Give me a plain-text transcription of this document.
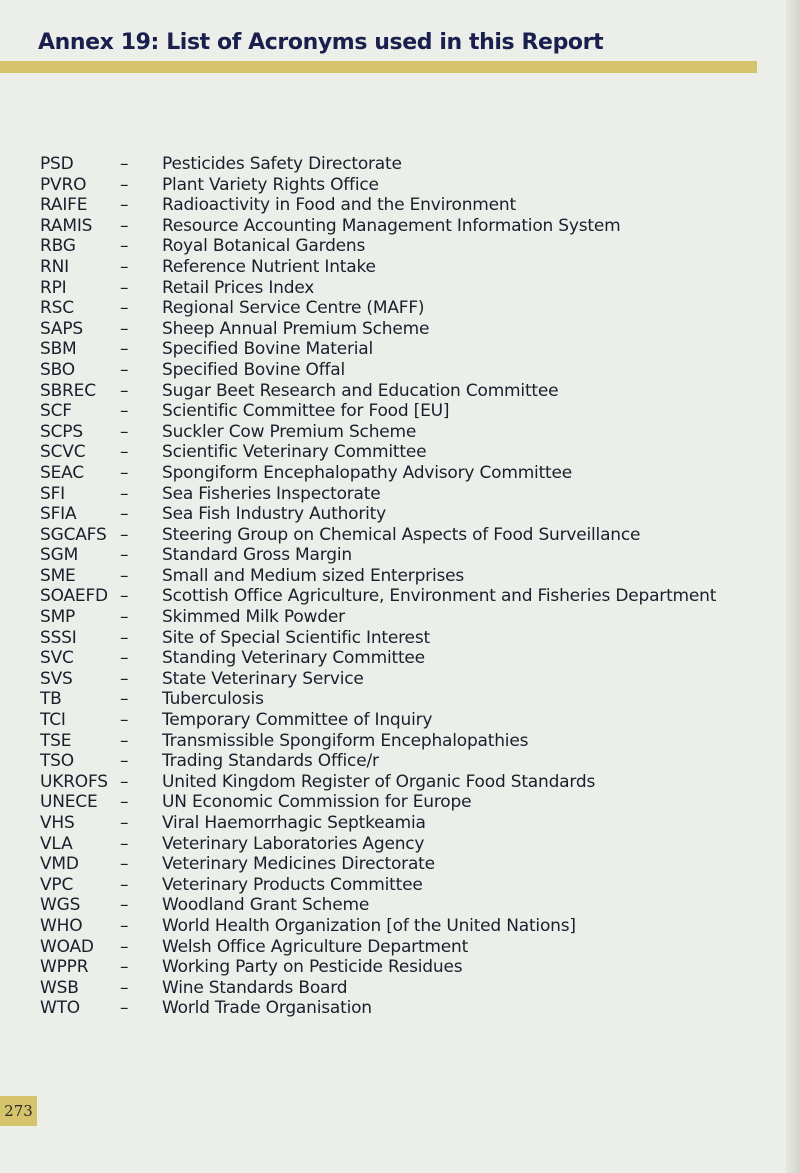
Annex 19: List of Acronyms used in this Report
PSD	– Pesticides Safety Directorate
PVRO – Plant Variety Rights Office
RAIFE – Radioactivity in Food and the Environment
RAMIS – Resource Accounting Management Information System
RBG	– Royal Botanical Gardens
RNI	– Reference Nutrient Intake
RPI	– Retail Prices Index
RSC	– Regional Service Centre (MAFF)
SAPS – Sheep Annual Premium Scheme
SBM	– Specified Bovine Material
SBO	– Specified Bovine Offal
SBREC – Sugar Beet Research and Education Committee
SCF	– Scientific Committee for Food [EU]
SCPS – Suckler Cow Premium Scheme
SCVC – Scientific Veterinary Committee
SEAC – Spongiform Encephalopathy Advisory Committee
SFI	– Sea Fisheries Inspectorate
SFIA	– Sea Fish Industry Authority
SGCAFS – Steering Group on Chemical Aspects of Food Surveillance
SGM – Standard Gross Margin
SME	– Small and Medium sized Enterprises
SOAEFD – Scottish Office Agriculture, Environment and Fisheries Department
SMP	– Skimmed Milk Powder
SSSI	– Site of Special Scientific Interest
SVC	– Standing Veterinary Committee
SVS	– State Veterinary Service
TB	– Tuberculosis
TCI	– Temporary Committee of Inquiry
TSE	– Transmissible Spongiform Encephalopathies
TSO	– Trading Standards Office/r
UKROFS – United Kingdom Register of Organic Food Standards
UNECE – UN Economic Commission for Europe
VHS	– Viral Haemorrhagic Septkeamia
VLA	– Veterinary Laboratories Agency
VMD – Veterinary Medicines Directorate
VPC	– Veterinary Products Committee
WGS – Woodland Grant Scheme
WHO – World Health Organization [of the United Nations]
WOAD – Welsh Office Agriculture Department
WPPR – Working Party on Pesticide Residues
WSB – Wine Standards Board
WTO – World Trade Organisation
273
